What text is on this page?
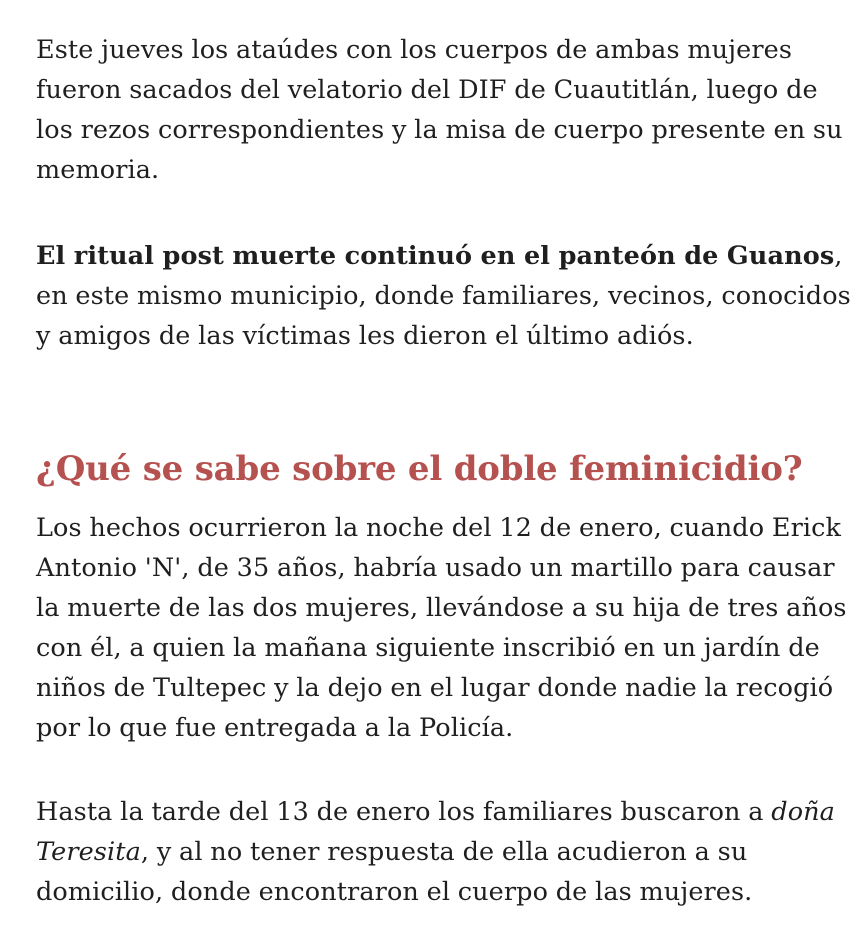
Este jueves los ataúdes con los cuerpos de ambas mujeres fueron sacados del velatorio del DIF de Cuautitlán, luego de los rezos correspondientes y la misa de cuerpo presente en su memoria.

El ritual post muerte continuó en el panteón de Guanos, en este mismo municipio, donde familiares, vecinos, conocidos y amigos de las víctimas les dieron el último adiós.

¿Qué se sabe sobre el doble feminicidio?

Los hechos ocurrieron la noche del 12 de enero, cuando Erick Antonio 'N', de 35 años, habría usado un martillo para causar la muerte de las dos mujeres, llevándose a su hija de tres años con él, a quien la mañana siguiente inscribió en un jardín de niños de Tultepec y la dejo en el lugar donde nadie la recogió por lo que fue entregada a la Policía.

Hasta la tarde del 13 de enero los familiares buscaron a doña Teresita, y al no tener respuesta de ella acudieron a su domicilio, donde encontraron el cuerpo de las mujeres.
